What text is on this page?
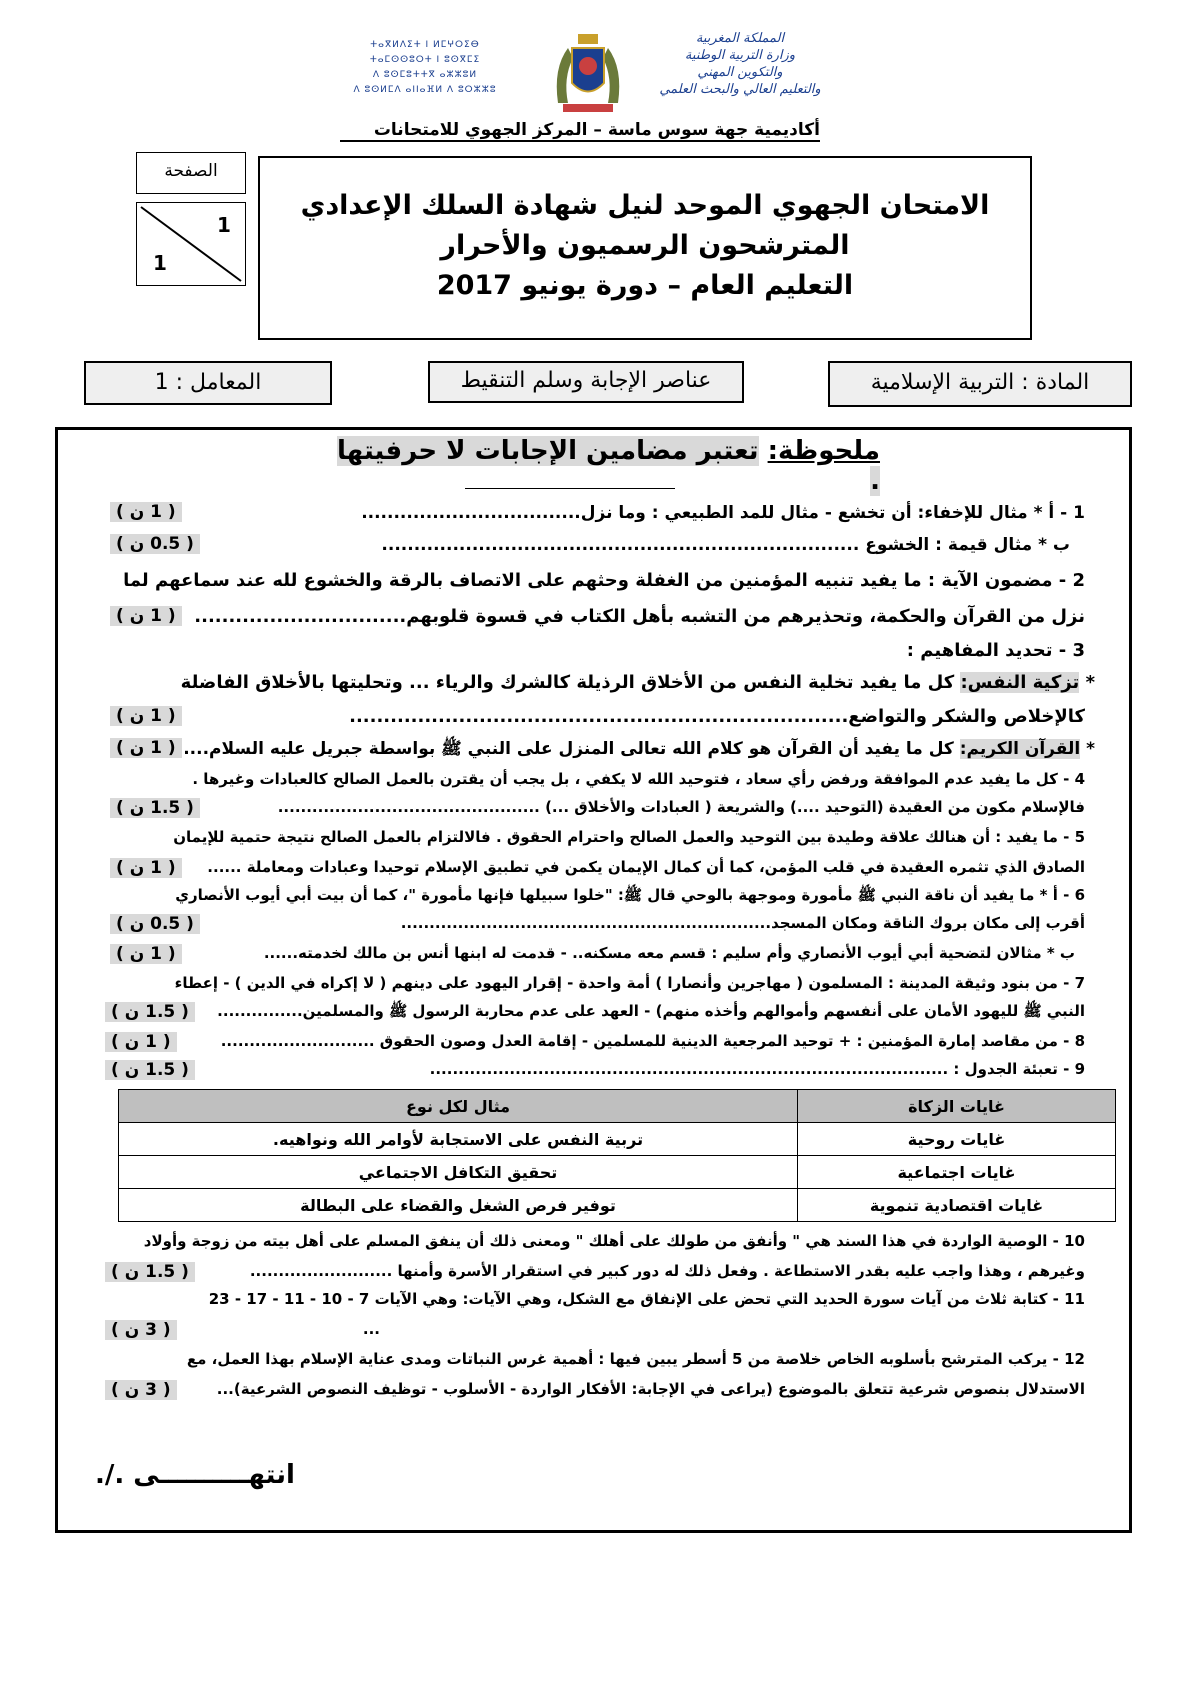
ⵜⴰⴳⵍⴷⵉⵜ ⵏ ⵍⵎⵖⵔⵉⴱ
ⵜⴰⵎⵙⵙⵓⵔⵜ ⵏ ⵓⵙⴳⵎⵉ
ⴷ ⵓⵙⵎⵓⵜⵜⴳ ⴰⵣⵣⵓⵍ
ⴷ ⵓⵙⵍⵎⴷ ⴰⵏⵏⴰⴼⵍ ⴷ ⵓⵔⵣⵣⵓ
المملكة المغربية
وزارة التربية الوطنية
والتكوين المهني
والتعليم العالي والبحث العلمي
أكاديمية جهة سوس ماسة – المركز الجهوي للامتحانات
الصفحة
1
1
الامتحان الجهوي الموحد لنيل شهادة السلك الإعدادي
المترشحون الرسميون والأحرار
التعليم العام – دورة يونيو 2017
المعامل : 1	عناصر الإجابة وسلم التنقيط	المادة : التربية الإسلامية
ملحوظة: تعتبر مضامين الإجابات لا حرفيتها .
1 - أ * مثال للإخفاء: أن تخشع - مثال للمد الطبيعي : وما نزل..................................
( 1 ن )
ب * مثال قيمة : الخشوع ..........................................................................
( 0.5 ن )
2 - مضمون الآية : ما يفيد تنبيه المؤمنين من الغفلة وحثهم على الاتصاف بالرقة والخشوع لله عند سماعهم لما
نزل من القرآن والحكمة، وتحذيرهم من التشبه بأهل الكتاب في قسوة قلوبهم...............................
( 1 ن )
3 - تحديد المفاهيم :
* تزكية النفس: كل ما يفيد تخلية النفس من الأخلاق الرذيلة كالشرك والرياء ... وتحليتها بالأخلاق الفاضلة
كالإخلاص والشكر والتواضع.........................................................................
( 1 ن )
* القرآن الكريم: كل ما يفيد أن القرآن هو كلام الله تعالى المنزل على النبي ﷺ بواسطة جبريل عليه السلام....
( 1 ن )
4 - كل ما يفيد عدم الموافقة ورفض رأي سعاد ، فتوحيد الله لا يكفي ، بل يجب أن يقترن بالعمل الصالح كالعبادات وغيرها .
فالإسلام مكون من العقيدة (التوحيد ....) والشريعة ( العبادات والأخلاق ...) ..............................................
( 1.5 ن )
5 - ما يفيد : أن هنالك علاقة وطيدة بين التوحيد والعمل الصالح واحترام الحقوق . فالالتزام بالعمل الصالح نتيجة حتمية للإيمان
الصادق الذي تثمره العقيدة في قلب المؤمن، كما أن كمال الإيمان يكمن في تطبيق الإسلام توحيدا وعبادات ومعاملة ......
( 1 ن )
6 - أ * ما يفيد أن ناقة النبي ﷺ مأمورة وموجهة بالوحي قال ﷺ: "خلوا سبيلها فإنها مأمورة "، كما أن بيت أبي أيوب الأنصاري
أقرب إلى مكان بروك الناقة ومكان المسجد.................................................................
( 0.5 ن )
ب * مثالان لتضحية أبي أيوب الأنصاري وأم سليم : قسم معه مسكنه.. - قدمت له ابنها أنس بن مالك لخدمته......
( 1 ن )
7 - من بنود وثيقة المدينة : المسلمون ( مهاجرين وأنصارا ) أمة واحدة - إقرار اليهود على دينهم ( لا إكراه في الدين ) - إعطاء
النبي ﷺ لليهود الأمان على أنفسهم وأموالهم وأخذه منهم) - العهد على عدم محاربة الرسول ﷺ والمسلمين...............
( 1.5 ن )
8 - من مقاصد إمارة المؤمنين : + توحيد المرجعية الدينية للمسلمين - إقامة العدل وصون الحقوق ...........................
( 1 ن )
9 - تعبئة الجدول : ...........................................................................................
( 1.5 ن )
غايات الزكاة	مثال لكل نوع
غايات روحية	تربية النفس على الاستجابة لأوامر الله ونواهيه.
غايات اجتماعية	تحقيق التكافل الاجتماعي
غايات اقتصادية تنموية	توفير فرص الشغل والقضاء على البطالة
10 - الوصية الواردة في هذا السند هي " وأنفق من طولك على أهلك " ومعنى ذلك أن ينفق المسلم على أهل بيته من زوجة وأولاد
وغيرهم ، وهذا واجب عليه بقدر الاستطاعة . وفعل ذلك له دور كبير في استقرار الأسرة وأمنها .........................
( 1.5 ن )
11 - كتابة ثلاث من آيات سورة الحديد التي تحض على الإنفاق مع الشكل، وهي الآيات: وهي الآيات 7 - 10 - 11 - 17 - 23
...
( 3 ن )
12 - يركب المترشح بأسلوبه الخاص خلاصة من 5 أسطر يبين فيها : أهمية غرس النباتات ومدى عناية الإسلام بهذا العمل، مع
الاستدلال بنصوص شرعية تتعلق بالموضوع (يراعى في الإجابة: الأفكار الواردة - الأسلوب - توظيف النصوص الشرعية)...
( 3 ن )
انتهــــــــــى ./.
